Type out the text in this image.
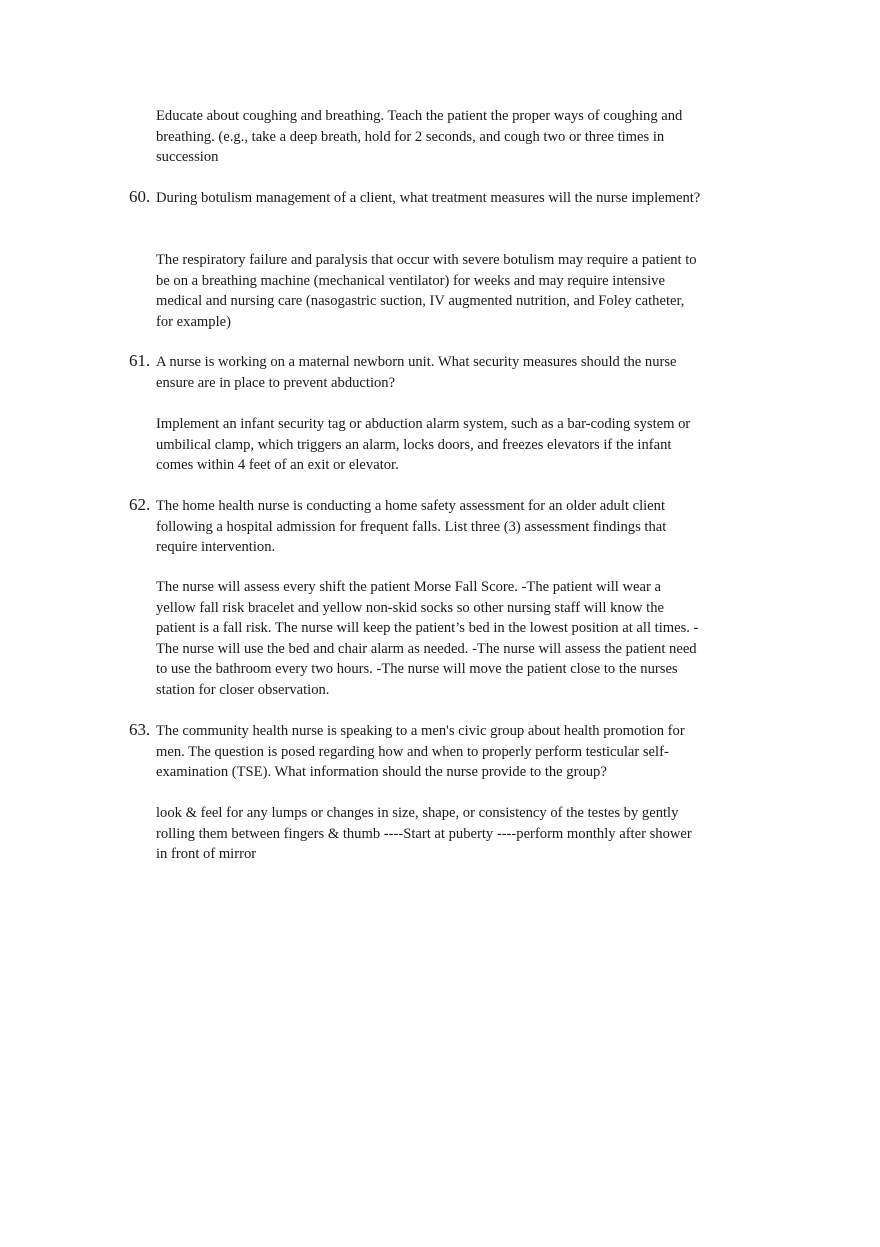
Educate about coughing and breathing. Teach the patient the proper ways of coughing and breathing. (e.g., take a deep breath, hold for 2 seconds, and cough two or three times in succession
60. During botulism management of a client, what treatment measures will the nurse implement?
The respiratory failure and paralysis that occur with severe botulism may require a patient to be on a breathing machine (mechanical ventilator) for weeks and may require intensive medical and nursing care (nasogastric suction, IV augmented nutrition, and Foley catheter, for example)
61. A nurse is working on a maternal newborn unit. What security measures should the nurse ensure are in place to prevent abduction?
Implement an infant security tag or abduction alarm system, such as a bar-coding system or umbilical clamp, which triggers an alarm, locks doors, and freezes elevators if the infant comes within 4 feet of an exit or elevator.
62. The home health nurse is conducting a home safety assessment for an older adult client following a hospital admission for frequent falls. List three (3) assessment findings that require intervention.
The nurse will assess every shift the patient Morse Fall Score. -The patient will wear a yellow fall risk bracelet and yellow non-skid socks so other nursing staff will know the patient is a fall risk. The nurse will keep the patient’s bed in the lowest position at all times. -The nurse will use the bed and chair alarm as needed. -The nurse will assess the patient need to use the bathroom every two hours. -The nurse will move the patient close to the nurses station for closer observation.
63. The community health nurse is speaking to a men's civic group about health promotion for men. The question is posed regarding how and when to properly perform testicular self-examination (TSE). What information should the nurse provide to the group?
look & feel for any lumps or changes in size, shape, or consistency of the testes by gently rolling them between fingers & thumb ----Start at puberty ----perform monthly after shower in front of mirror
